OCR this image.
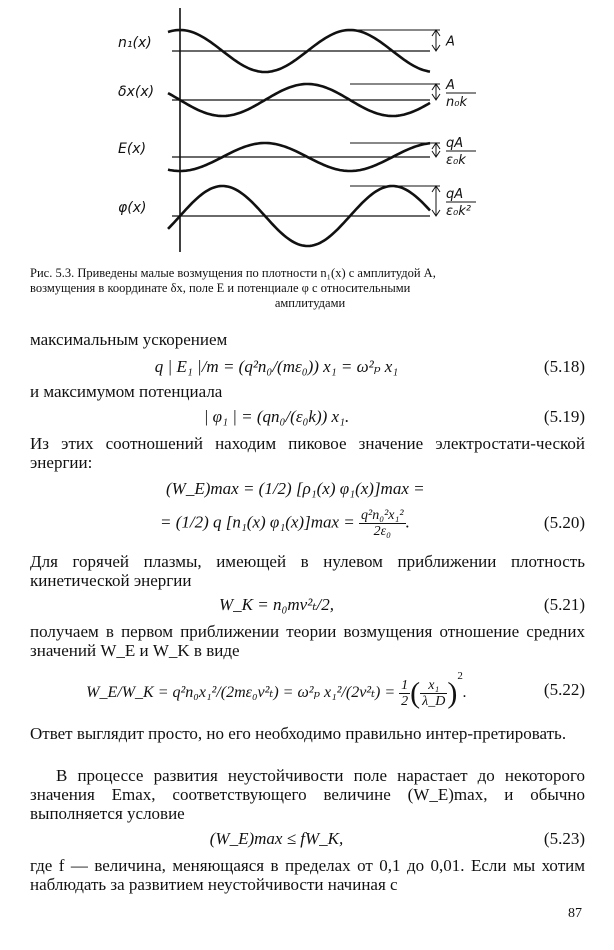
n₁(x)	A
δx(x)	A
n₀k
E(x)	qA
ε₀k
φ(x)
qA
ε₀k²
Рис. 5.3. Приведены малые возмущения по плотности n₁(x) с амплитудой A,
возмущения в координате δx, поле E и потенциале φ с относительными
амплитудами
максимальным ускорением
q | E₁ |/m = (q²n₀/(mε₀)) x₁ = ω²ₚ x₁	(5.18)
и максимумом потенциала
| φ₁ | = (qn₀/(ε₀k)) x₁.	(5.19)
Из этих соотношений находим пиковое значение электростати-ческой энергии:
(W_E)max = (1/2) [ρ₁(x) φ₁(x)]max =
= (1/2) q [n₁(x) $\varphi_1(x)]\max = \frac{\text{q²n₀²x₁²}}{\text{2ε₀}}$ .	(5.20)
Для горячей плазмы, имеющей в нулевом приближении плотность кинетической энергии
W_K = n₀mv²ₜ/2,	(5.21)
получаем в первом приближении теории возмущения отношение средних значений W_E и W_K в виде
W_E/W_K = q²n₀x₁²/(2mε₀v²ₜ) = ω²ₚ $x_1^2/(2v^2_t) = \frac{1}{2}$ ( $\frac{\text{x₁}}{\lambda\_D} )^2$.	(5.22)
Ответ выглядит просто, но его необходимо правильно интер-претировать.
В процессе развития неустойчивости поле нарастает до некоторого значения Emax, соответствующего величине (W_E)max, и обычно выполняется условие
(W_E)max ≤ fW_K,	(5.23)
где f — величина, меняющаяся в пределах от 0,1 до 0,01. Если мы хотим наблюдать за развитием неустойчивости начиная с
87
